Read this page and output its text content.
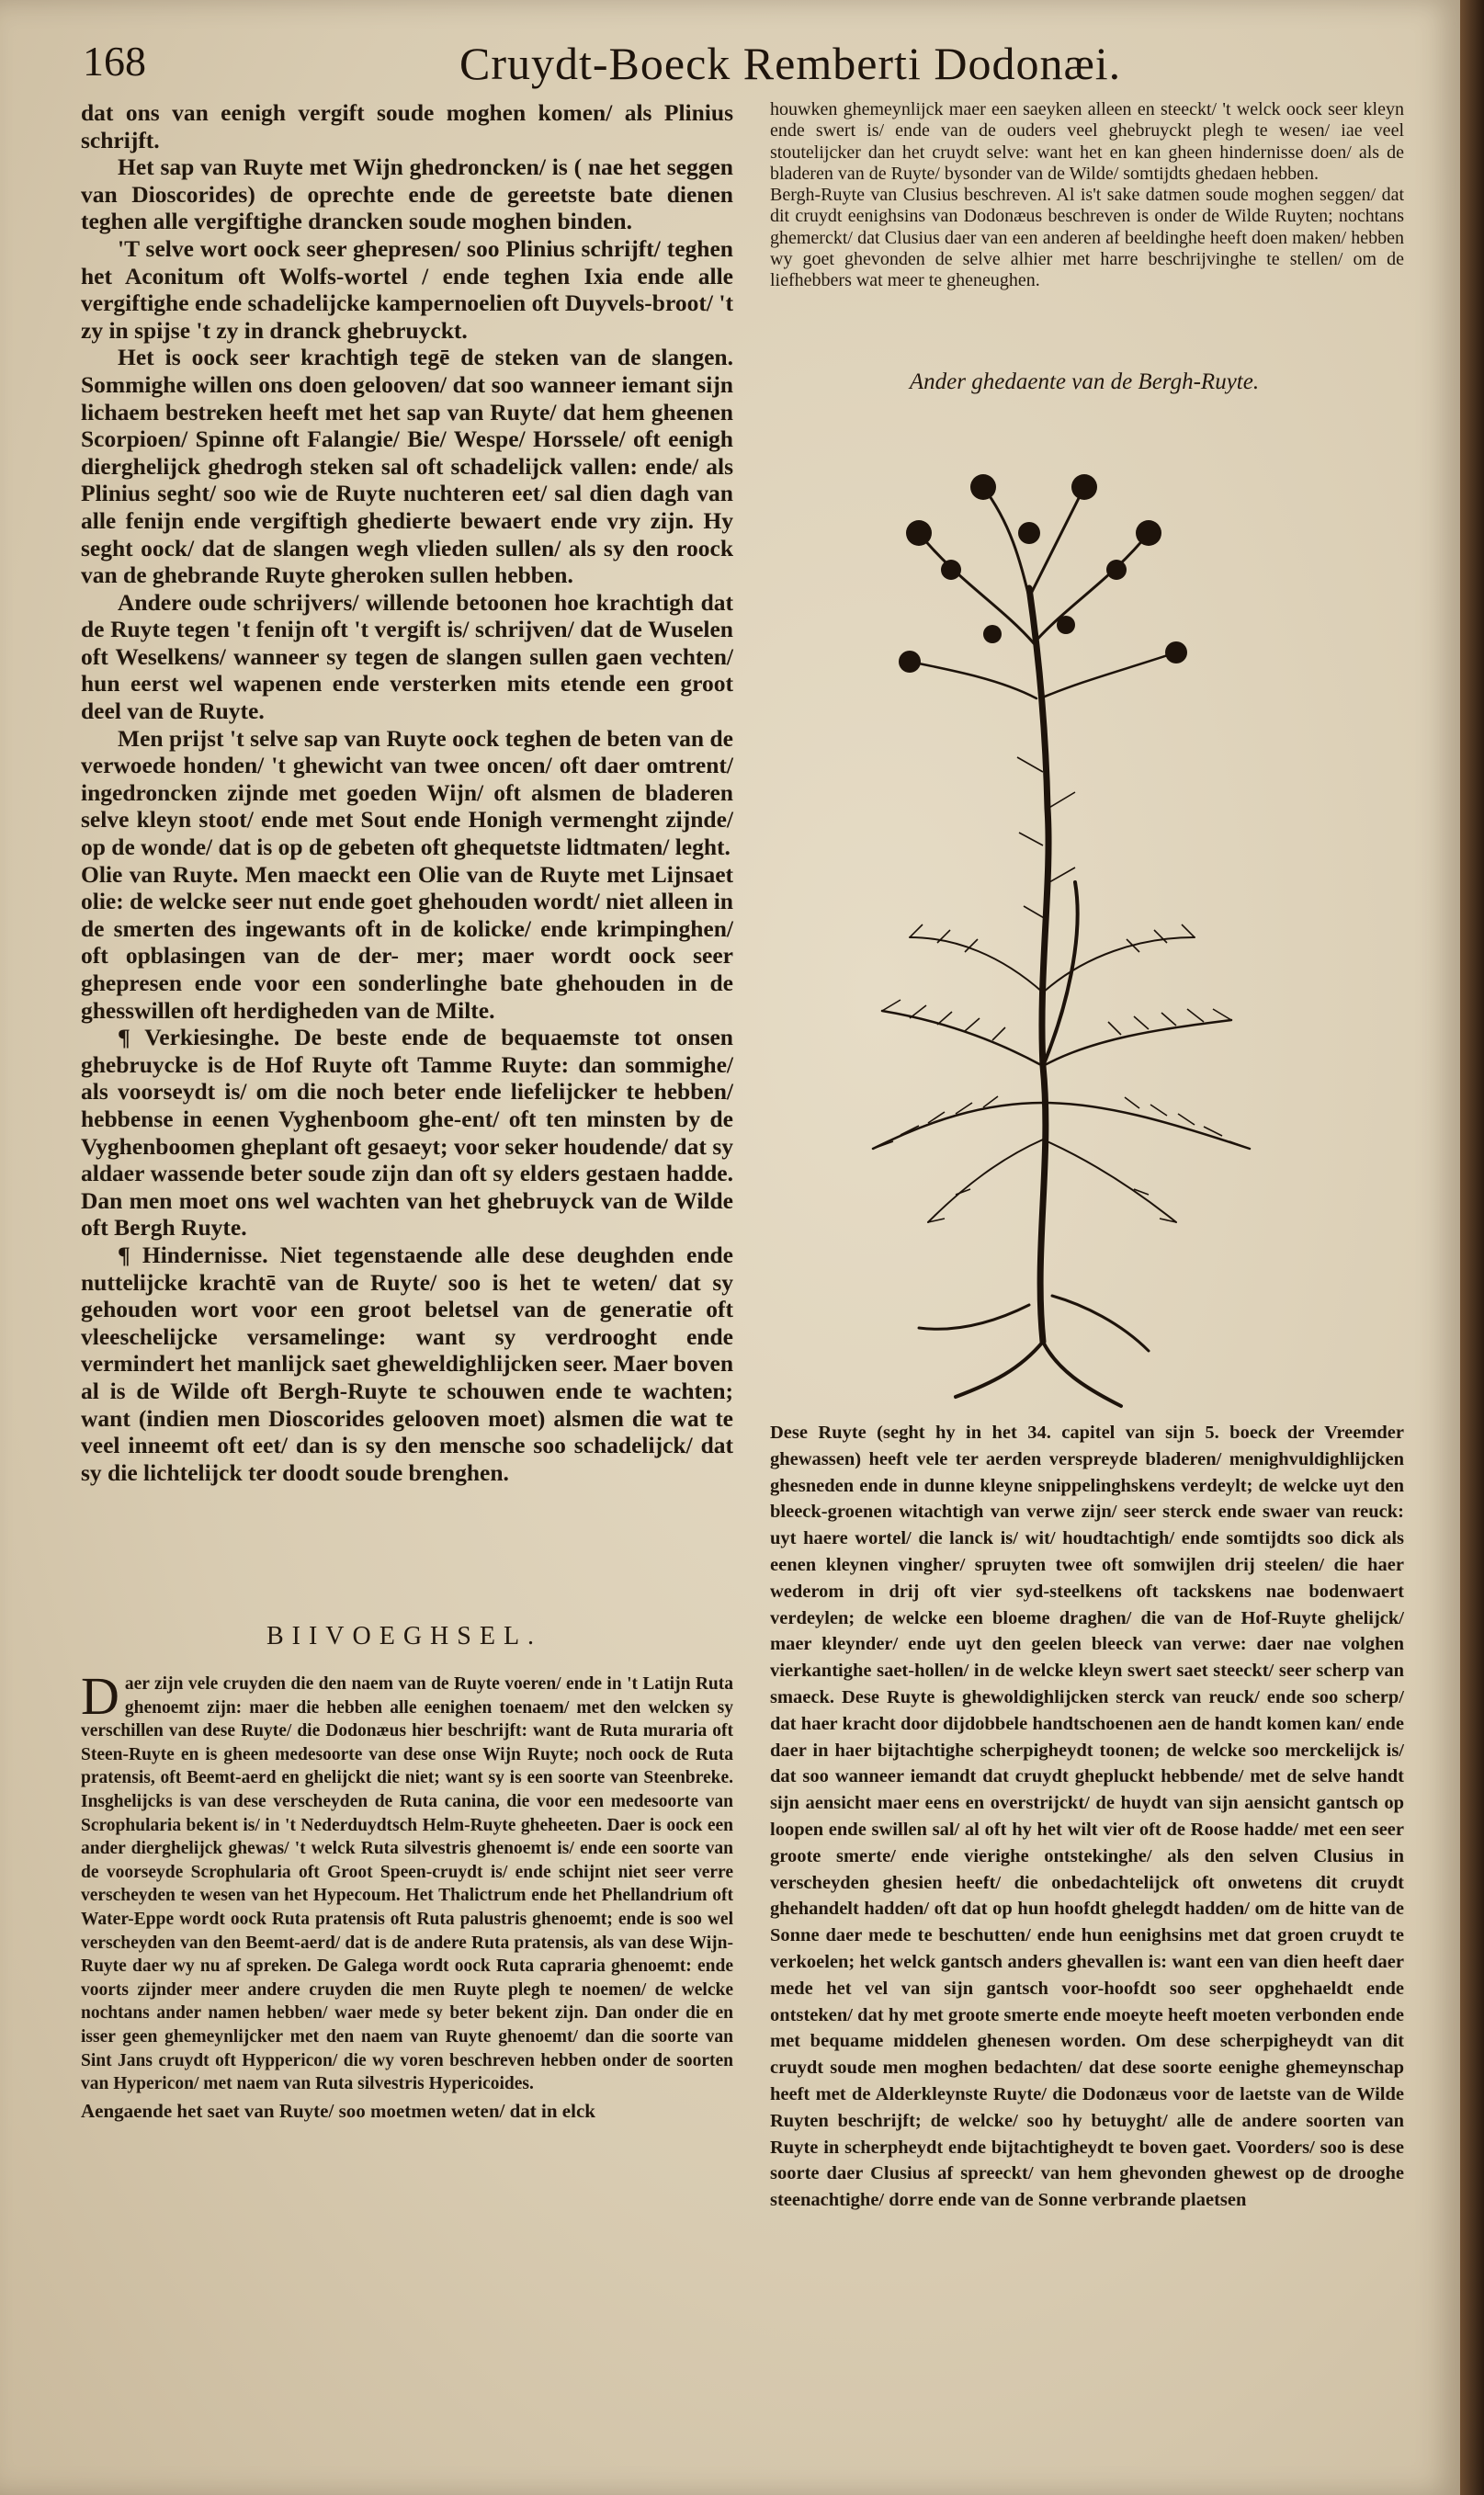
168	Cruydt-Boeck Remberti Dodonæi.

dat ons van eenigh vergift soude moghen komen/ als Plinius schrijft.

Het sap van Ruyte met Wijn ghedroncken/ is ( nae het seggen van Dioscorides) de oprechte ende de gereetste bate dienen teghen alle vergiftighe drancken soude moghen binden.

'T selve wort oock seer ghepresen/ soo Plinius schrijft/ teghen het Aconitum oft Wolfs-wortel / ende teghen Ixia ende alle vergiftighe ende schadelijcke kampernoelien oft Duyvels-broot/ 't zy in spijse 't zy in dranck ghebruyckt.

Het is oock seer krachtigh tegē de steken van de slangen. Sommighe willen ons doen gelooven/ dat soo wanneer iemant sijn lichaem bestreken heeft met het sap van Ruyte/ dat hem gheenen Scorpioen/ Spinne oft Falangie/ Bie/ Wespe/ Horssele/ oft eenigh dierghelijck ghedrogh steken sal oft schadelijck vallen: ende/ als Plinius seght/ soo wie de Ruyte nuchteren eet/ sal dien dagh van alle fenijn ende vergiftigh ghedierte bewaert ende vry zijn. Hy seght oock/ dat de slangen wegh vlieden sullen/ als sy den roock van de ghebrande Ruyte gheroken sullen hebben.

Andere oude schrijvers/ willende betoonen hoe krachtigh dat de Ruyte tegen 't fenijn oft 't vergift is/ schrijven/ dat de Wuselen oft Weselkens/ wanneer sy tegen de slangen sullen gaen vechten/ hun eerst wel wapenen ende versterken mits etende een groot deel van de Ruyte.

Men prijst 't selve sap van Ruyte oock teghen de beten van de verwoede honden/ 't ghewicht van twee oncen/ oft daer omtrent/ ingedroncken zijnde met goeden Wijn/ oft alsmen de bladeren selve kleyn stoot/ ende met Sout ende Honigh vermenght zijnde/ op de wonde/ dat is op de gebeten oft ghequetste lidtmaten/ leght.

Olie van Ruyte. Men maeckt een Olie van de Ruyte met Lijnsaet olie: de welcke seer nut ende goet ghehouden wordt/ niet alleen in de smerten des ingewants oft in de kolicke/ ende krimpinghen/ oft opblasingen van de der- mer; maer wordt oock seer ghepresen ende voor een sonderlinghe bate ghehouden in de ghesswillen oft herdigheden van de Milte.

¶ Verkiesinghe. De beste ende de bequaemste tot onsen ghebruycke is de Hof Ruyte oft Tamme Ruyte: dan sommighe/ als voorseydt is/ om die noch beter ende liefelijcker te hebben/ hebbense in eenen Vyghenboom ghe-ent/ oft ten minsten by de Vyghenboomen gheplant oft gesaeyt; voor seker houdende/ dat sy aldaer wassende beter soude zijn dan oft sy elders gestaen hadde. Dan men moet ons wel wachten van het ghebruyck van de Wilde oft Bergh Ruyte.

¶ Hindernisse. Niet tegenstaende alle dese deughden ende nuttelijcke krachtē van de Ruyte/ soo is het te weten/ dat sy gehouden wort voor een groot beletsel van de generatie oft vleeschelijcke versamelinge: want sy verdrooght ende vermindert het manlijck saet gheweldighlijcken seer. Maer boven al is de Wilde oft Bergh-Ruyte te schouwen ende te wachten; want (indien men Dioscorides gelooven moet) alsmen die wat te veel inneemt oft eet/ dan is sy den mensche soo schadelijck/ dat sy die lichtelijck ter doodt soude brenghen.

houwken ghemeynlijck maer een saeyken alleen en steeckt/ 't welck oock seer kleyn ende swert is/ ende van de ouders veel ghebruyckt plegh te wesen/ iae veel stoutelijcker dan het cruydt selve: want het en kan gheen hindernisse doen/ als de bladeren van de Ruyte/ bysonder van de Wilde/ somtijdts ghedaen hebben.

Bergh-Ruyte van Clusius beschreven. Al is't sake datmen soude moghen seggen/ dat dit cruydt eenighsins van Dodonæus beschreven is onder de Wilde Ruyten; nochtans ghemerckt/ dat Clusius daer van een anderen af beeldinghe heeft doen maken/ hebben wy goet ghevonden de selve alhier met harre beschrijvinghe te stellen/ om de liefhebbers wat meer te gheneughen.

Ander ghedaente van de Bergh-Ruyte.

Dese Ruyte (seght hy in het 34. capitel van sijn 5. boeck der Vreemder ghewassen) heeft vele ter aerden verspreyde bladeren/ menighvuldighlijcken ghesneden ende in dunne kleyne snippelinghskens verdeylt; de welcke uyt den bleeck-groenen witachtigh van verwe zijn/ seer sterck ende swaer van reuck: uyt haere wortel/ die lanck is/ wit/ houdtachtigh/ ende somtijdts soo dick als eenen kleynen vingher/ spruyten twee oft somwijlen drij steelen/ die haer wederom in drij oft vier syd-steelkens oft tackskens nae bodenwaert verdeylen; de welcke een bloeme draghen/ die van de Hof-Ruyte ghelijck/ maer kleynder/ ende uyt den geelen bleeck van verwe: daer nae volghen vierkantighe saet-hollen/ in de welcke kleyn swert saet steeckt/ seer scherp van smaeck. Dese Ruyte is ghewoldighlijcken sterck van reuck/ ende soo scherp/ dat haer kracht door dijdobbele handtschoenen aen de handt komen kan/ ende daer in haer bijtachtighe scherpigheydt toonen; de welcke soo merckelijck is/ dat soo wanneer iemandt dat cruydt ghepluckt hebbende/ met de selve handt sijn aensicht maer eens en overstrijckt/ de huydt van sijn aensicht gantsch op loopen ende swillen sal/ al oft hy het wilt vier oft de Roose hadde/ met een seer groote smerte/ ende vierighe ontstekinghe/ als den selven Clusius in verscheyden ghesien heeft/ die onbedachtelijck oft onwetens dit cruydt ghehandelt hadden/ oft dat op hun hoofdt ghelegdt hadden/ om de hitte van de Sonne daer mede te beschutten/ ende hun eenighsins met dat groen cruydt te verkoelen; het welck gantsch anders ghevallen is: want een van dien heeft daer mede het vel van sijn gantsch voor-hoofdt soo seer opghehaeldt ende ontsteken/ dat hy met groote smerte ende moeyte heeft moeten verbonden ende met bequame middelen ghenesen worden. Om dese scherpigheydt van dit cruydt soude men moghen bedachten/ dat dese soorte eenighe ghemeynschap heeft met de Alderkleynste Ruyte/ die Dodonæus voor de laetste van de Wilde Ruyten beschrijft; de welcke/ soo hy betuyght/ alle de andere soorten van Ruyte in scherpheydt ende bijtachtigheydt te boven gaet. Voorders/ soo is dese soorte daer Clusius af spreeckt/ van hem ghevonden ghewest op de drooghe steenachtighe/ dorre ende van de Sonne verbrande plaetsen

BIIVOEGHSEL.

Daer zijn vele cruyden die den naem van de Ruyte voeren/ ende in 't Latijn Ruta ghenoemt zijn: maer die hebben alle eenighen toenaem/ met den welcken sy verschillen van dese Ruyte/ die Dodonæus hier beschrijft: want de Ruta muraria oft Steen-Ruyte en is gheen medesoorte van dese onse Wijn Ruyte; noch oock de Ruta pratensis, oft Beemt-aerd en ghelijckt die niet; want sy is een soorte van Steenbreke. Insghelijcks is van dese verscheyden de Ruta canina, die voor een medesoorte van Scrophularia bekent is/ in 't Nederduydtsch Helm-Ruyte gheheeten. Daer is oock een ander dierghelijck ghewas/ 't welck Ruta silvestris ghenoemt is/ ende een soorte van de voorseyde Scrophularia oft Groot Speen-cruydt is/ ende schijnt niet seer verre verscheyden te wesen van het Hypecoum. Het Thalictrum ende het Phellandrium oft Water-Eppe wordt oock Ruta pratensis oft Ruta palustris ghenoemt; ende is soo wel verscheyden van den Beemt-aerd/ dat is de andere Ruta pratensis, als van dese Wijn-Ruyte daer wy nu af spreken. De Galega wordt oock Ruta capraria ghenoemt: ende voorts zijnder meer andere cruyden die men Ruyte plegh te noemen/ de welcke nochtans ander namen hebben/ waer mede sy beter bekent zijn. Dan onder die en isser geen ghemeynlijcker met den naem van Ruyte ghenoemt/ dan die soorte van Sint Jans cruydt oft Hyppericon/ die wy voren beschreven hebben onder de soorten van Hypericon/ met naem van Ruta silvestris Hypericoides.

Aengaende het saet van Ruyte/ soo moetmen weten/ dat in elck
